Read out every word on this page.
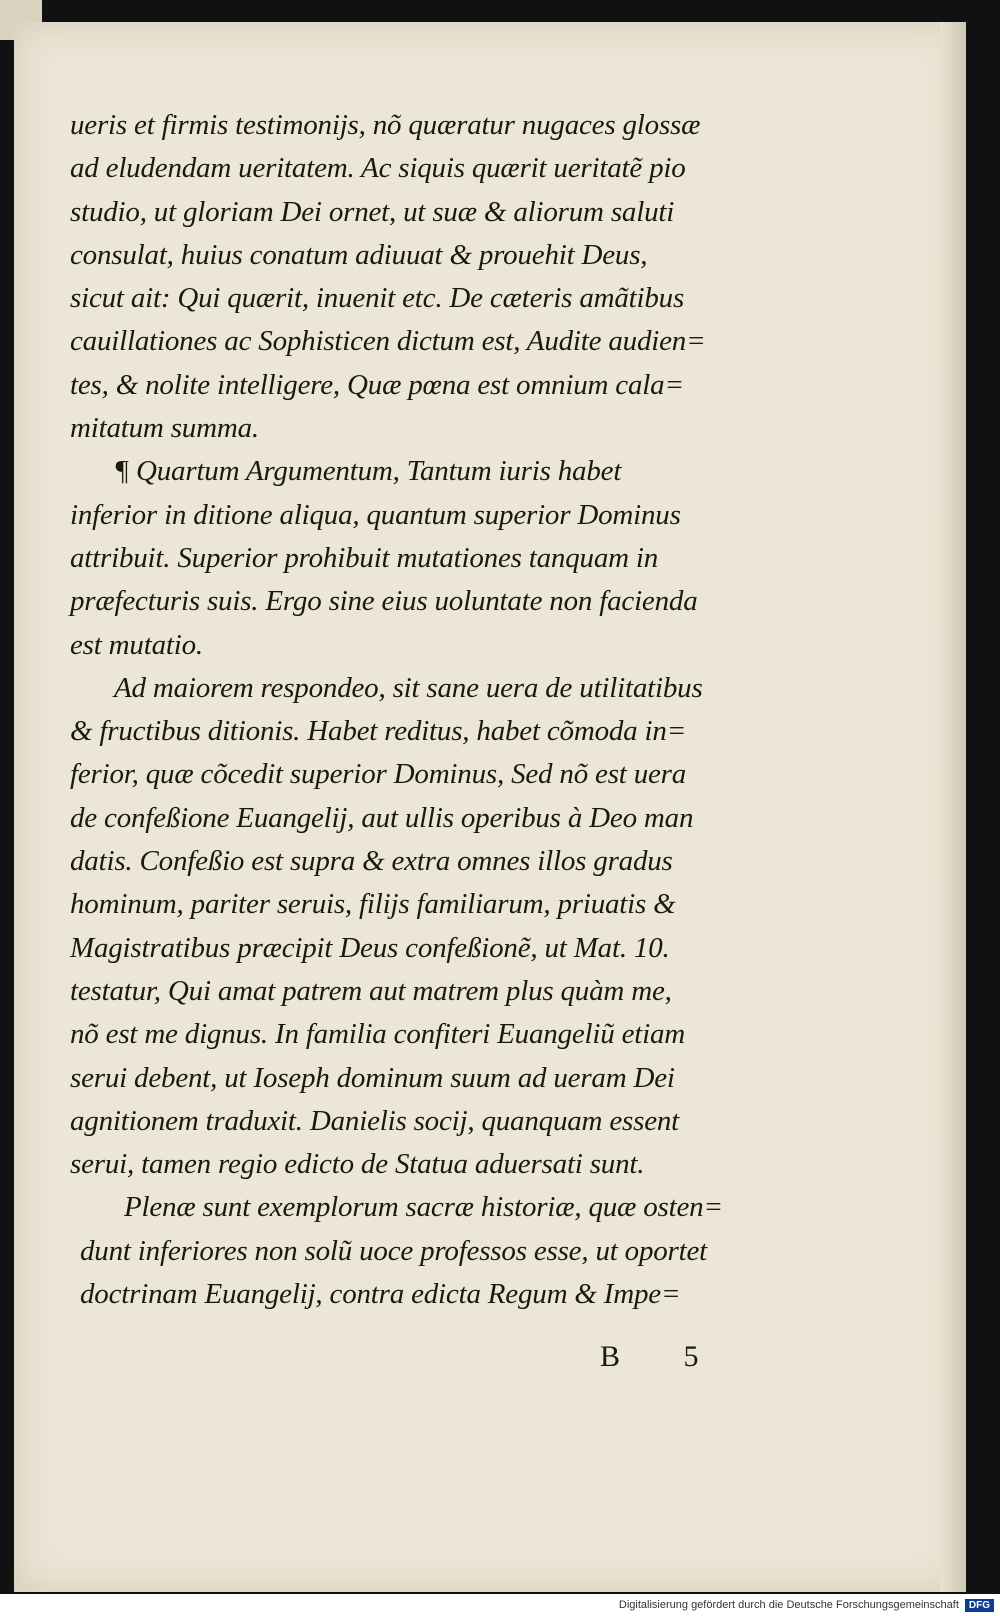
ueris et firmis testimonijs, nõ quæratur nugaces glossæ
ad eludendam ueritatem. Ac siquis quærit ueritatẽ pio
studio, ut gloriam Dei ornet, ut suæ & aliorum saluti
consulat, huius conatum adiuuat & prouehit Deus,
sicut ait: Qui quærit, inuenit etc. De cæteris amãtibus
cauillationes ac Sophisticen dictum est, Audite audien=
tes, & nolite intelligere, Quæ pœna est omnium cala=
mitatum summa.
¶ Quartum Argumentum, Tantum iuris habet
inferior in ditione aliqua, quantum superior Dominus
attribuit. Superior prohibuit mutationes tanquam in
præfecturis suis. Ergo sine eius uoluntate non facienda
est mutatio.
Ad maiorem respondeo, sit sane uera de utilitatibus
& fructibus ditionis. Habet reditus, habet cõmoda in=
ferior, quæ cõcedit superior Dominus, Sed nõ est uera
de confeßione Euangelij, aut ullis operibus à Deo man
datis. Confeßio est supra & extra omnes illos gradus
hominum, pariter seruis, filijs familiarum, priuatis &
Magistratibus præcipit Deus confeßionẽ, ut Mat. 10.
testatur, Qui amat patrem aut matrem plus quàm me,
nõ est me dignus. In familia confiteri Euangeliũ etiam
serui debent, ut Ioseph dominum suum ad ueram Dei
agnitionem traduxit. Danielis socij, quanquam essent
serui, tamen regio edicto de Statua aduersati sunt.
Plenæ sunt exemplorum sacræ historiæ, quæ osten=
dunt inferiores non solũ uoce professos esse, ut oportet
doctrinam Euangelij, contra edicta Regum & Impe=
B 5
Digitalisierung gefördert durch die Deutsche Forschungsgemeinschaft	DFG
